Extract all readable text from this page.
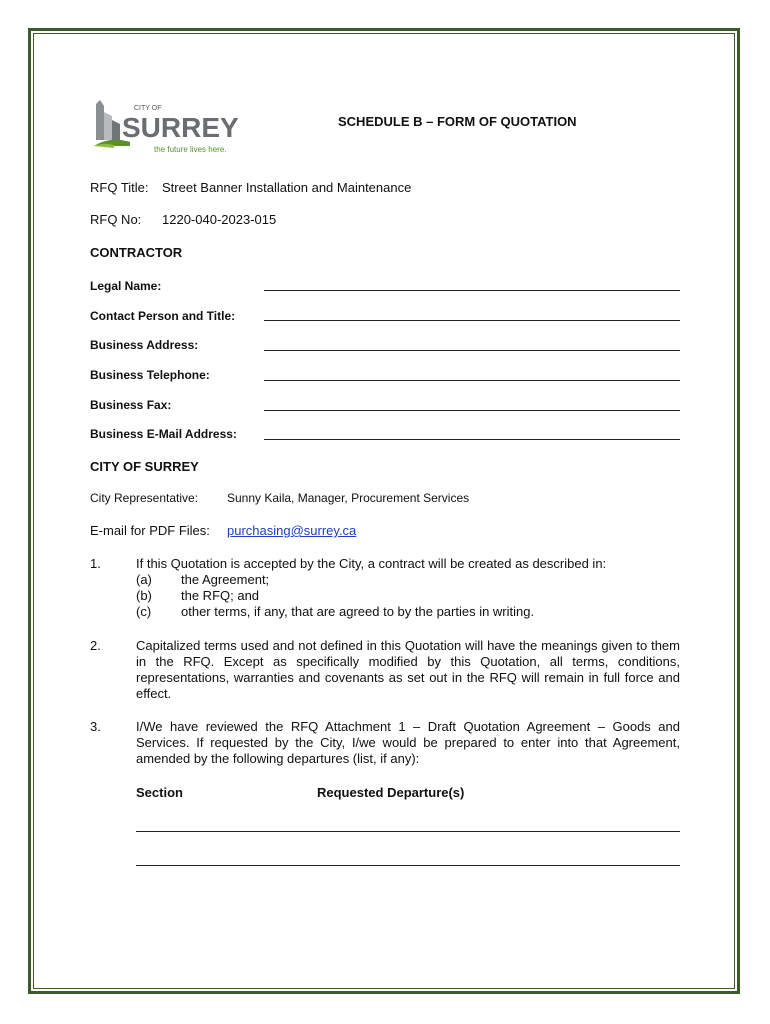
CITY OF
SURREY
the future lives here.
SCHEDULE B – FORM OF QUOTATION
RFQ Title: Street Banner Installation and Maintenance
RFQ No: 1220-040-2023-015
CONTRACTOR
Legal Name:
Contact Person and Title:
Business Address:
Business Telephone:
Business Fax:
Business E-Mail Address:
CITY OF SURREY
City Representative: Sunny Kaila, Manager, Procurement Services
E-mail for PDF Files: purchasing@surrey.ca
1.	If this Quotation is accepted by the City, a contract will be created as described in:
(a) the Agreement;
(b) the RFQ; and
(c) other terms, if any, that are agreed to by the parties in writing.
2.	Capitalized terms used and not defined in this Quotation will have the meanings given to them in the RFQ. Except as specifically modified by this Quotation, all terms, conditions, representations, warranties and covenants as set out in the RFQ will remain in full force and effect.
3.	I/We have reviewed the RFQ Attachment 1 – Draft Quotation Agreement – Goods and Services. If requested by the City, I/we would be prepared to enter into that Agreement, amended by the following departures (list, if any):
Section	Requested Departure(s)
